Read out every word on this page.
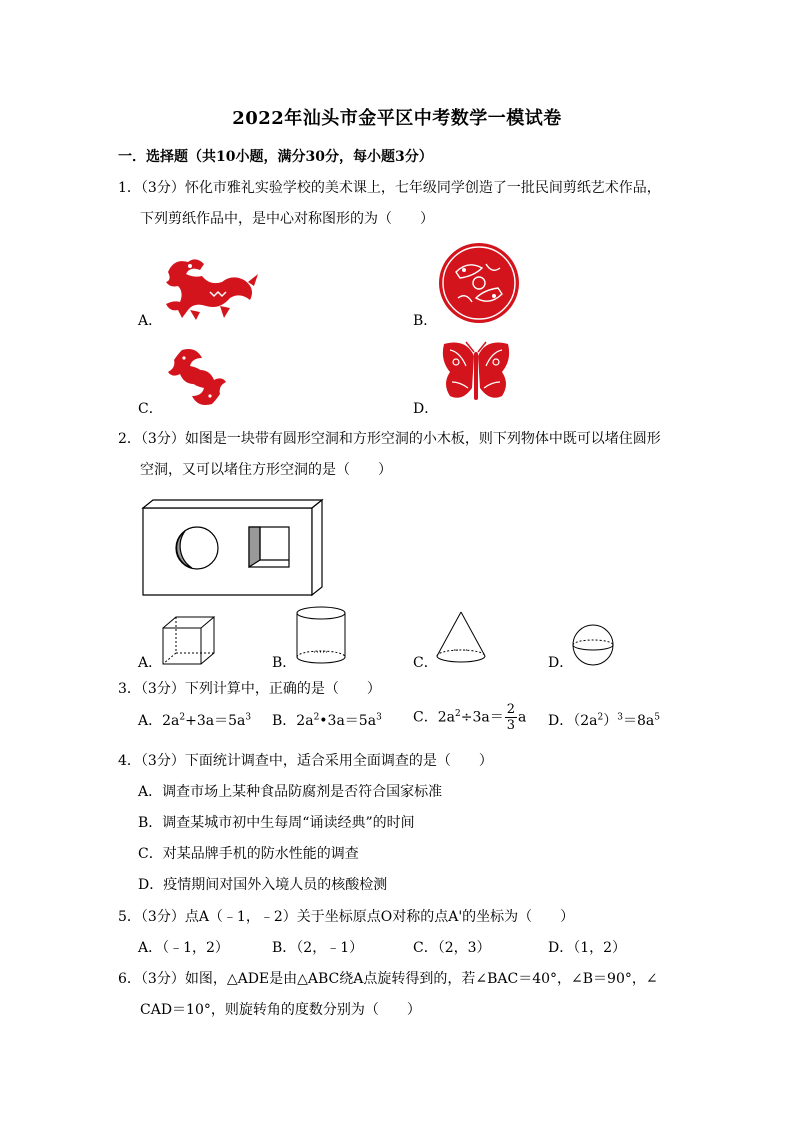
2022年汕头市金平区中考数学一模试卷
一．选择题（共10小题，满分30分，每小题3分）
1．（3分）怀化市雅礼实验学校的美术课上，七年级同学创造了一批民间剪纸艺术作品，
下列剪纸作品中，是中心对称图形的为（　　）
A．	B．
C．	D．
2．（3分）如图是一块带有圆形空洞和方形空洞的小木板，则下列物体中既可以堵住圆形
空洞，又可以堵住方形空洞的是（　　）
A．	B．	C．	D．
3．（3分）下列计算中，正确的是（　　）
A．$2a^2+3a=5a^3$ B．$2a^2•3a=5a^3$ C．$2a^2\div 3a= \frac{2}{3}$ a D．$(2a^2)^3=8a^5$
4．（3分）下面统计调查中，适合采用全面调查的是（　　）
A．调查市场上某种食品防腐剂是否符合国家标准
B．调查某城市初中生每周“诵读经典”的时间
C．对某品牌手机的防水性能的调查
D．疫情期间对国外入境人员的核酸检测
5．（3分）点A（﹣1，﹣2）关于坐标原点O对称的点A'的坐标为（　　）
A．（﹣1，2）	B．（2，﹣1）	C．（2，3）	D．（1，2）
6．（3分）如图，△ADE是由△ABC绕A点旋转得到的，若∠BAC＝40°，∠B＝90°，∠
CAD＝10°，则旋转角的度数分别为（　　）
